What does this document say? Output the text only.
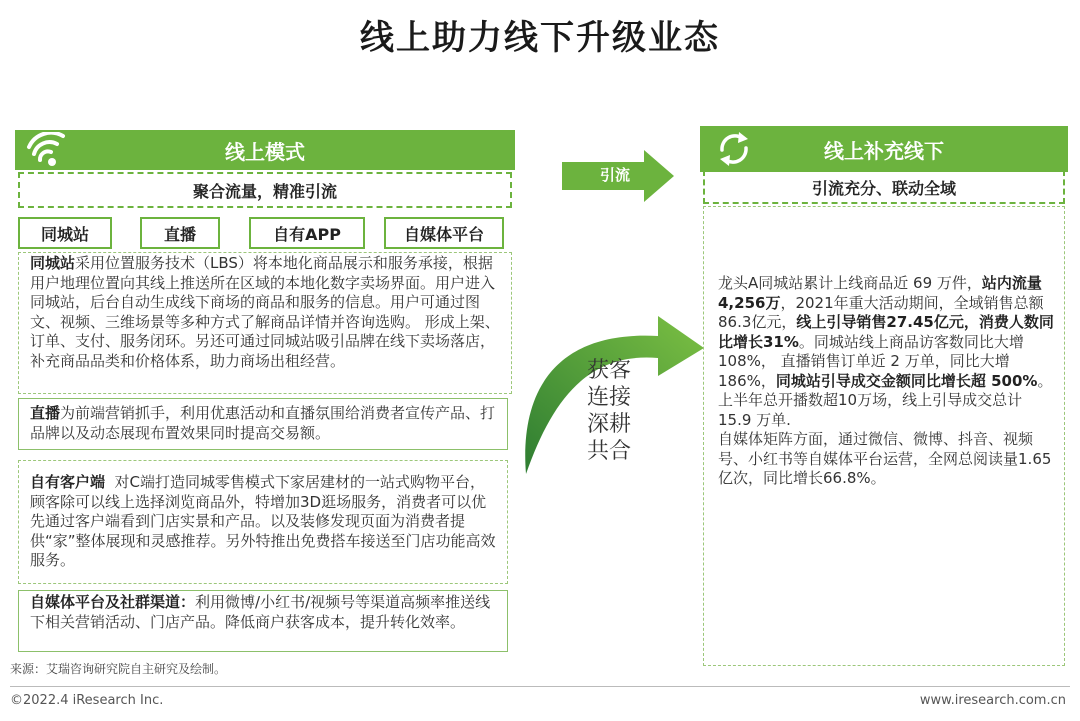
线上助力线下升级业态
线上模式
聚合流量，精准引流
同城站	直播	自有APP	自媒体平台
同城站采用位置服务技术（LBS）将本地化商品展示和服务承接，根据用户地理位置向其线上推送所在区域的本地化数字卖场界面。用户进入同城站，后台自动生成线下商场的商品和服务的信息。用户可通过图文、视频、三维场景等多种方式了解商品详情并咨询选购。 形成上架、订单、支付、服务闭环。另还可通过同城站吸引品牌在线下卖场落店，补充商品品类和价格体系，助力商场出租经营。
直播为前端营销抓手，利用优惠活动和直播氛围给消费者宣传产品、打品牌以及动态展现布置效果同时提高交易额。
自有客户端  对C端打造同城零售模式下家居建材的一站式购物平台，顾客除可以线上选择浏览商品外，特增加3D逛场服务，消费者可以优先通过客户端看到门店实景和产品。以及装修发现页面为消费者提供“家”整体展现和灵感推荐。另外特推出免费搭车接送至门店功能高效服务。
自媒体平台及社群渠道：利用微博/小红书/视频号等渠道高频率推送线下相关营销活动、门店产品。降低商户获客成本，提升转化效率。
引流
获客
连接
深耕
共合
线上补充线下
引流充分、联动全域
龙头A同城站累计上线商品近 69 万件，站内流量4,256万，2021年重大活动期间，全域销售总额86.3亿元，线上引导销售27.45亿元，消费人数同比增长31%。同城站线上商品访客数同比大增 108%， 直播销售订单近 2 万单，同比大增 186%，同城站引导成交金额同比增长超 500%。上半年总开播数超10万场，线上引导成交总计 15.9 万单.
自媒体矩阵方面，通过微信、微博、抖音、视频号、小红书等自媒体平台运营，全网总阅读量1.65亿次，同比增长66.8%。
来源：艾瑞咨询研究院自主研究及绘制。
©2022.4 iResearch Inc.	www.iresearch.com.cn
